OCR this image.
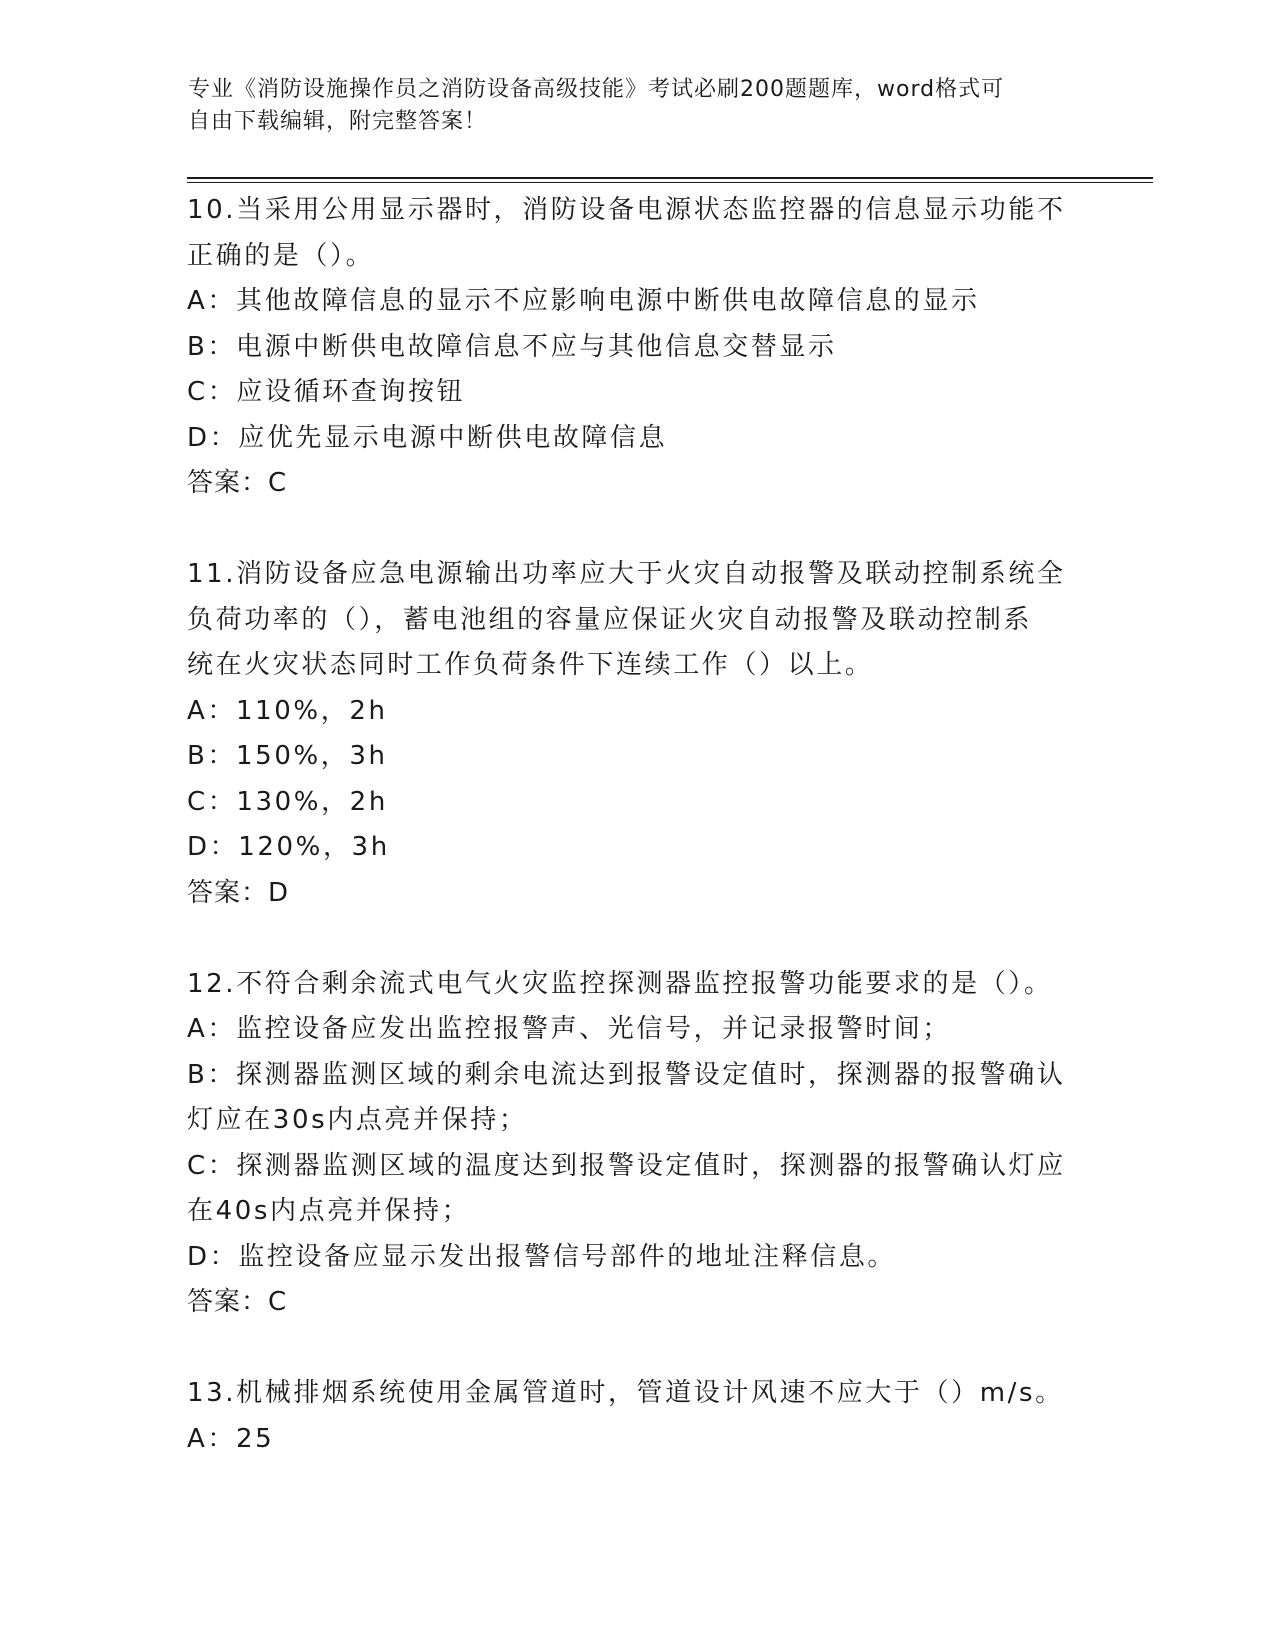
专业《消防设施操作员之消防设备高级技能》考试必刷200题题库，word格式可
自由下载编辑，附完整答案！
10.当采用公用显示器时，消防设备电源状态监控器的信息显示功能不
正确的是（）。
A：其他故障信息的显示不应影响电源中断供电故障信息的显示
B：电源中断供电故障信息不应与其他信息交替显示
C：应设循环查询按钮
D：应优先显示电源中断供电故障信息
答案：C
11.消防设备应急电源输出功率应大于火灾自动报警及联动控制系统全
负荷功率的（），蓄电池组的容量应保证火灾自动报警及联动控制系
统在火灾状态同时工作负荷条件下连续工作（）以上。
A：110%，2h
B：150%，3h
C：130%，2h
D：120%，3h
答案：D
12.不符合剩余流式电气火灾监控探测器监控报警功能要求的是（）。
A：监控设备应发出监控报警声、光信号，并记录报警时间；
B：探测器监测区域的剩余电流达到报警设定值时，探测器的报警确认
灯应在30s内点亮并保持；
C：探测器监测区域的温度达到报警设定值时，探测器的报警确认灯应
在40s内点亮并保持；
D：监控设备应显示发出报警信号部件的地址注释信息。
答案：C
13.机械排烟系统使用金属管道时，管道设计风速不应大于（）m/s。
A：25
